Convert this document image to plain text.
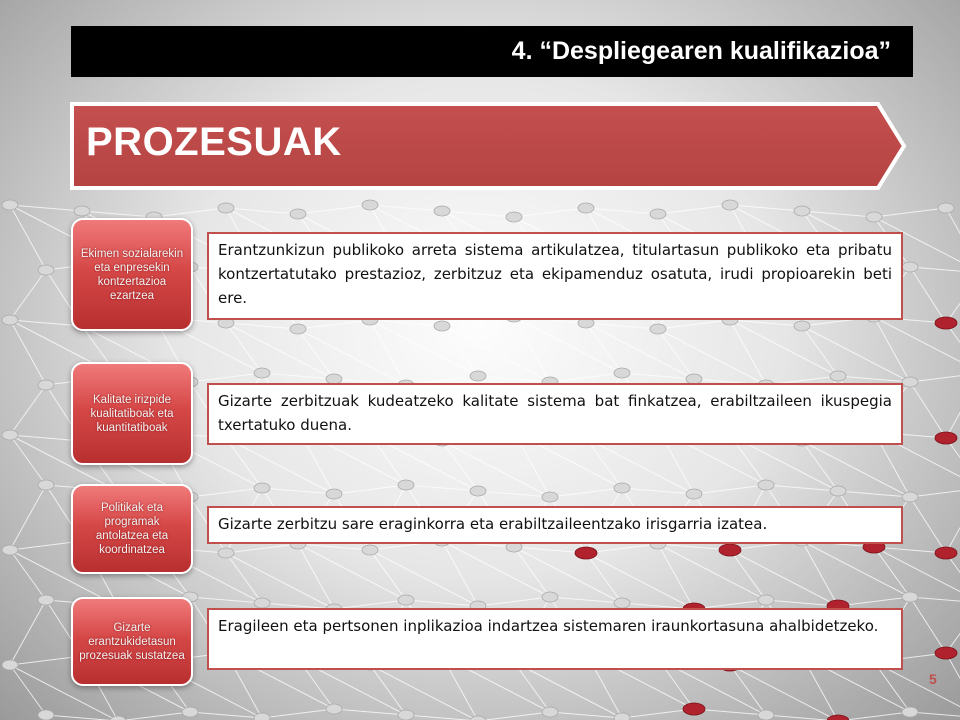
4. “Despliegearen kualifikazioa”
PROZESUAK
Ekimen sozialarekin eta enpresekin kontzertazioa ezartzea
Erantzunkizun publikoko arreta sistema artikulatzea, titulartasun publikoko eta pribatu kontzertatutako prestazioz, zerbitzuz eta ekipamenduz osatuta, irudi propioarekin beti ere.
Kalitate irizpide kualitatiboak eta kuantitatiboak
Gizarte zerbitzuak kudeatzeko kalitate sistema bat finkatzea, erabiltzaileen ikuspegia txertatuko duena.
Politikak eta programak antolatzea eta koordinatzea
Gizarte zerbitzu sare eraginkorra eta erabiltzaileentzako irisgarria izatea.
Gizarte erantzukidetasun prozesuak sustatzea
Eragileen eta pertsonen inplikazioa indartzea sistemaren iraunkortasuna ahalbidetzeko.
5
